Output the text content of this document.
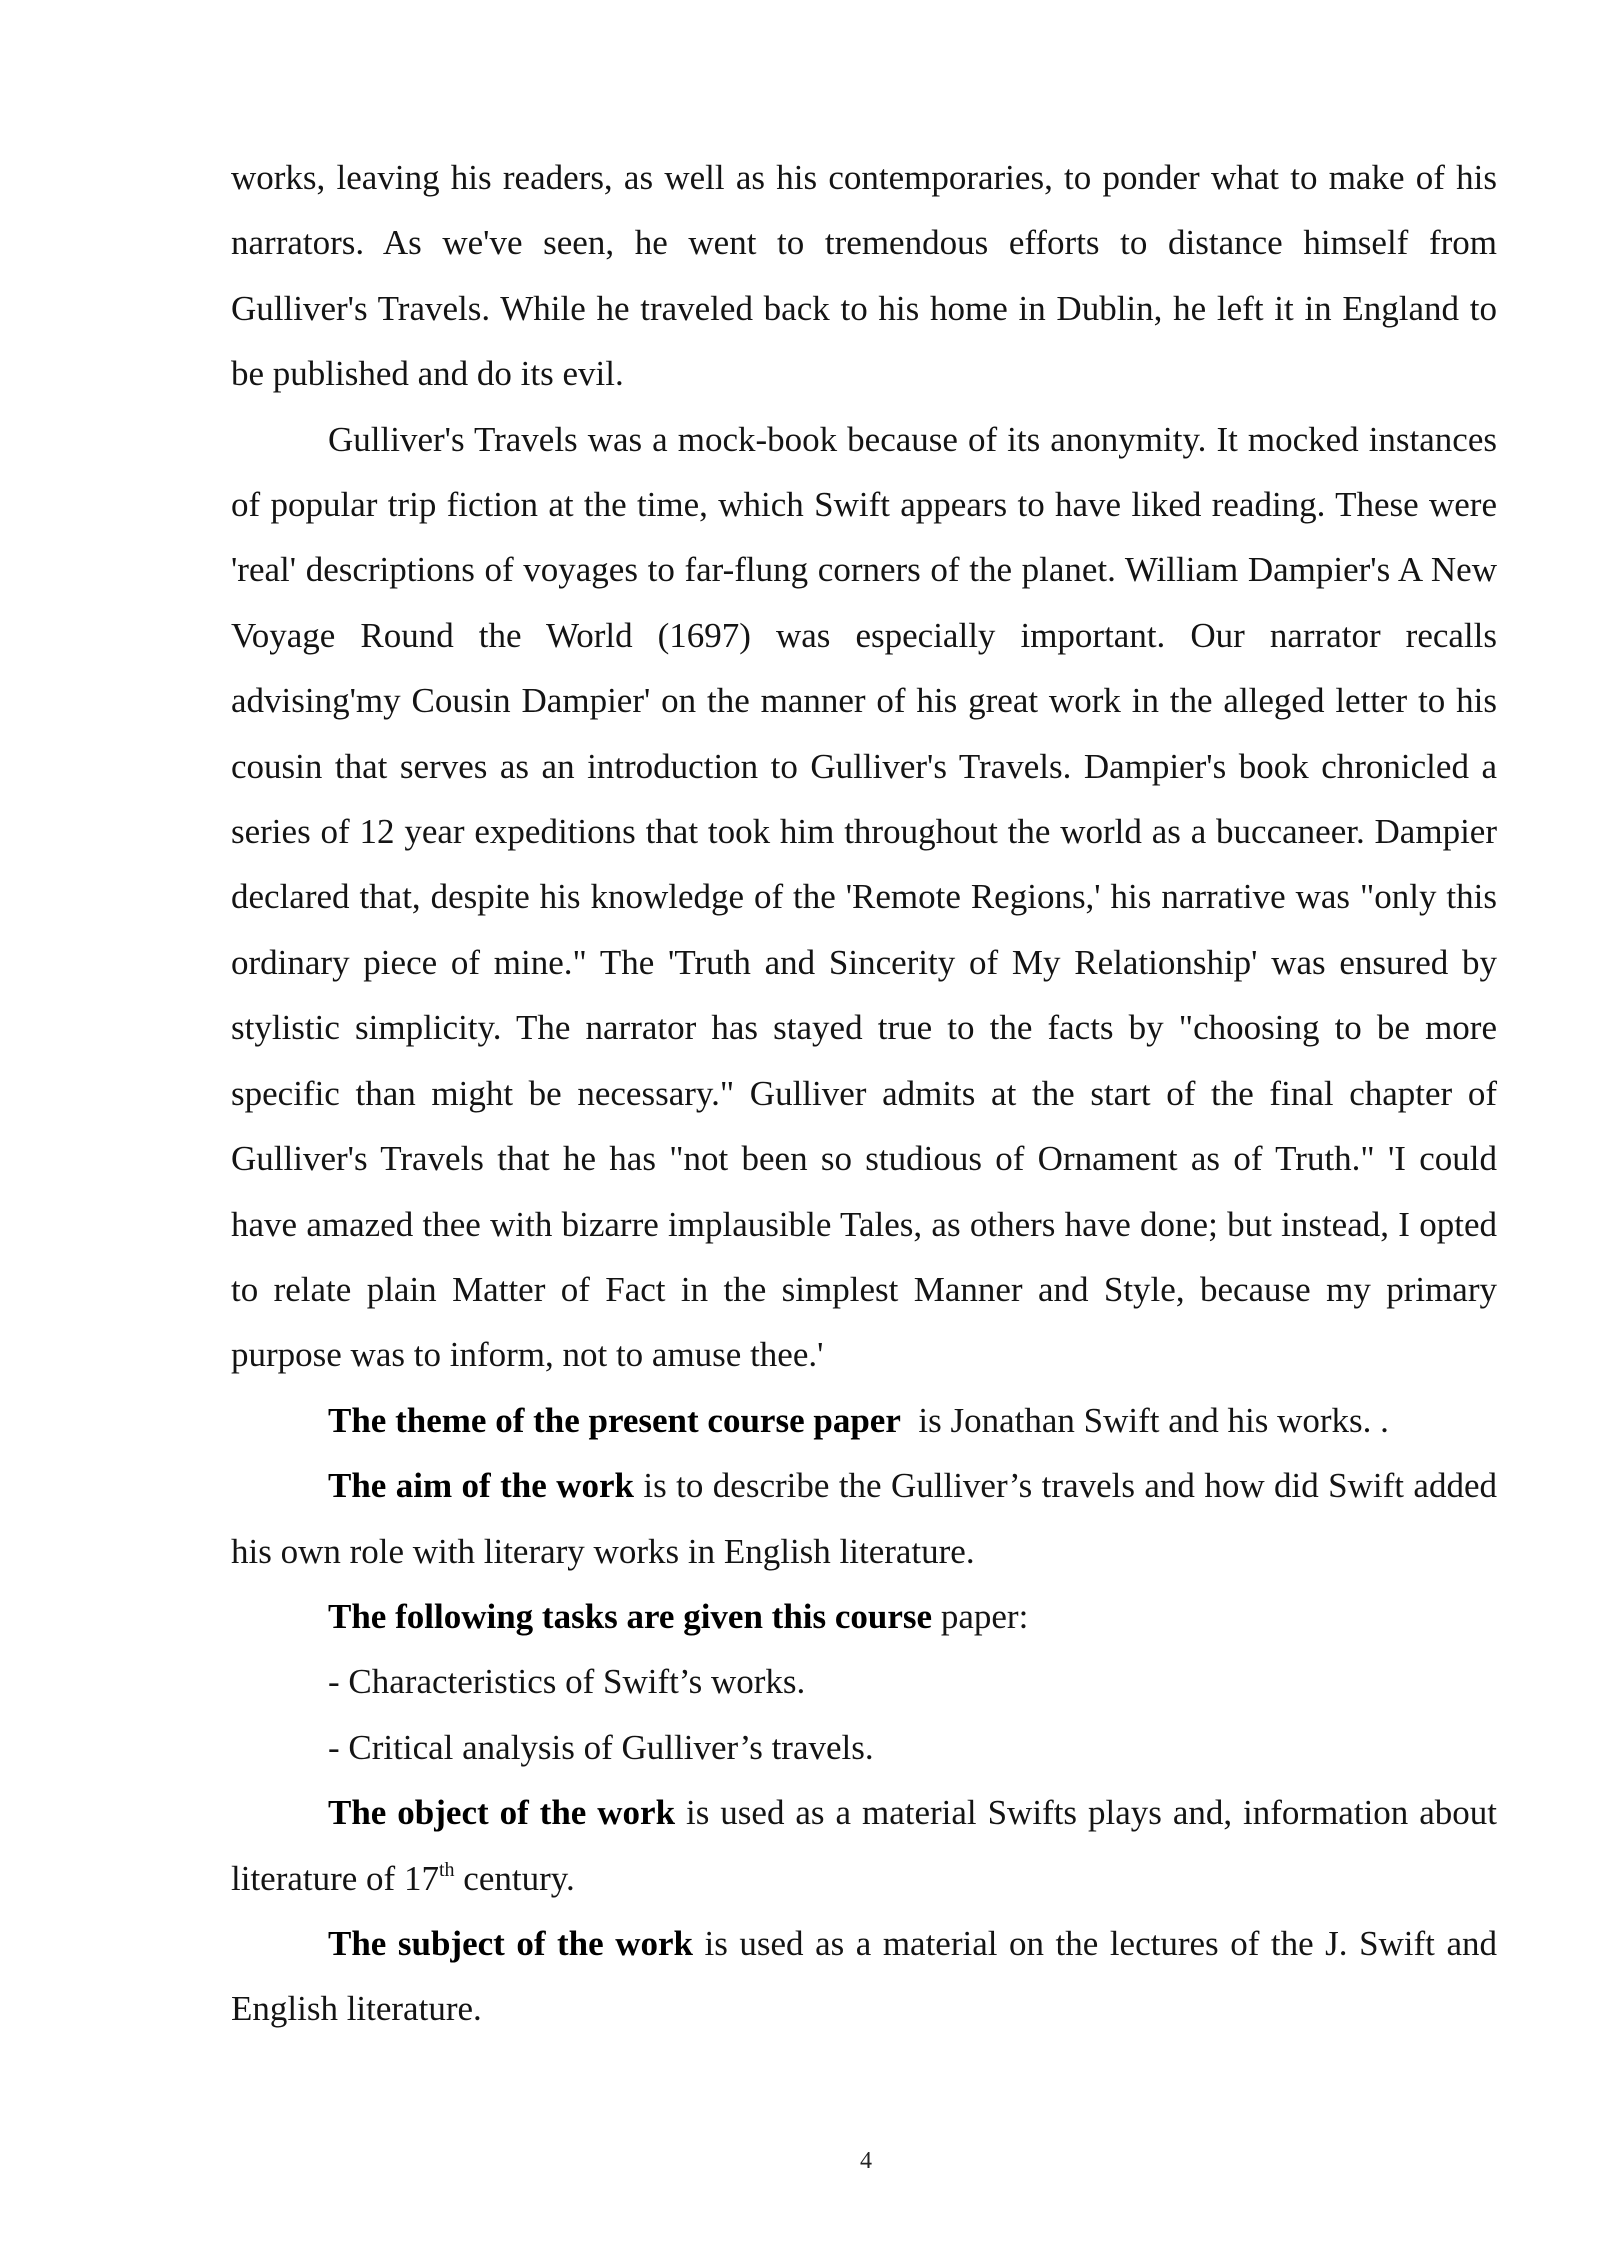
works, leaving his readers, as well as his contemporaries, to ponder what to make of his narrators. As we've seen, he went to tremendous efforts to distance himself from Gulliver's Travels. While he traveled back to his home in Dublin, he left it in England to be published and do its evil.

Gulliver's Travels was a mock-book because of its anonymity. It mocked instances of popular trip fiction at the time, which Swift appears to have liked reading. These were 'real' descriptions of voyages to far-flung corners of the planet. William Dampier's A New Voyage Round the World (1697) was especially important. Our narrator recalls advising'my Cousin Dampier' on the manner of his great work in the alleged letter to his cousin that serves as an introduction to Gulliver's Travels. Dampier's book chronicled a series of 12 year expeditions that took him throughout the world as a buccaneer. Dampier declared that, despite his knowledge of the 'Remote Regions,' his narrative was "only this ordinary piece of mine." The 'Truth and Sincerity of My Relationship' was ensured by stylistic simplicity. The narrator has stayed true to the facts by "choosing to be more specific than might be necessary." Gulliver admits at the start of the final chapter of Gulliver's Travels that he has "not been so studious of Ornament as of Truth." 'I could have amazed thee with bizarre implausible Tales, as others have done; but instead, I opted to relate plain Matter of Fact in the simplest Manner and Style, because my primary purpose was to inform, not to amuse thee.'

The theme of the present course paper  is Jonathan Swift and his works. .

The aim of the work is to describe the Gulliver’s travels and how did Swift added his own role with literary works in English literature.

The following tasks are given this course paper:

- Characteristics of Swift’s works.

- Critical analysis of Gulliver’s travels.

The object of the work is used as a material Swifts plays and, information about literature of 17th century.

The subject of the work is used as a material on the lectures of the J. Swift and English literature.

4
